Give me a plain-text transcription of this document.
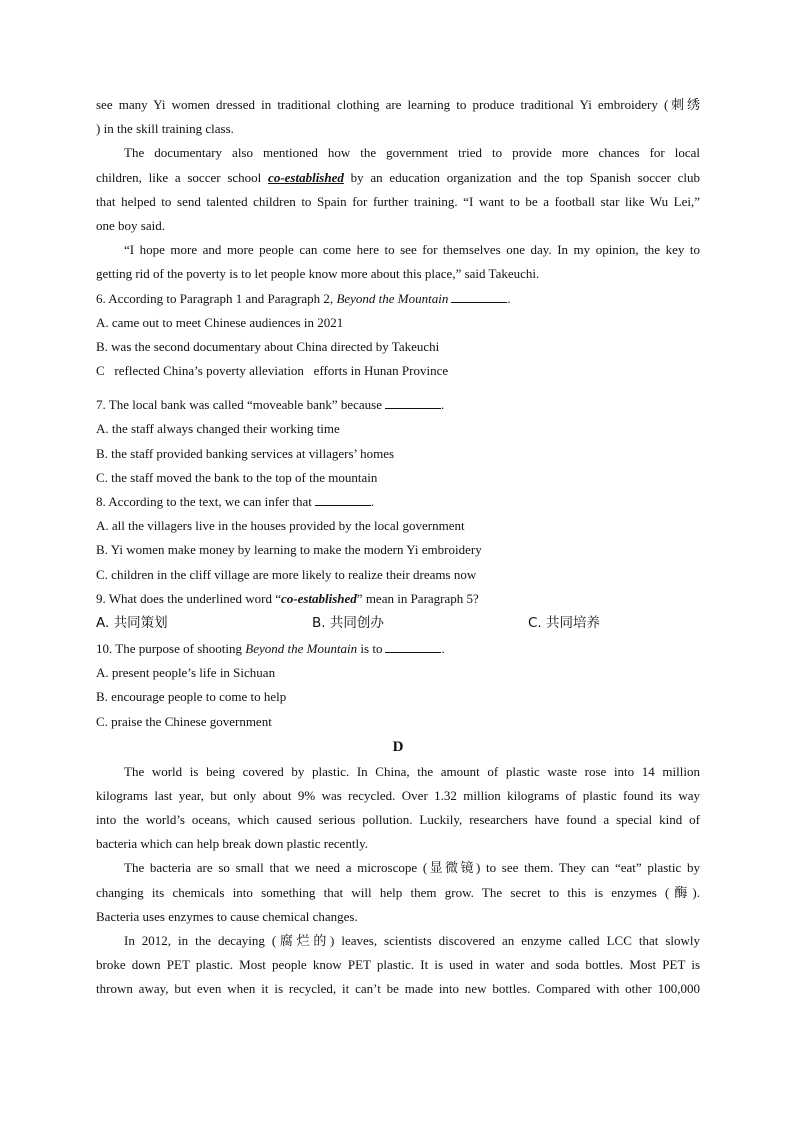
see many Yi women dressed in traditional clothing are learning to produce traditional Yi embroidery (刺绣
) in the skill training class.
The documentary also mentioned how the government tried to provide more chances for local
children, like a soccer school co-established by an education organization and the top Spanish soccer club
that helped to send talented children to Spain for further training. “I want to be a football star like Wu Lei,”
one boy said.
“I hope more and more people can come here to see for themselves one day. In my opinion, the key to
getting rid of the poverty is to let people know more about this place,” said Takeuchi.
6. According to Paragraph 1 and Paragraph 2, Beyond the Mountain	.
A. came out to meet Chinese audiences in 2021
B. was the second documentary about China directed by Takeuchi
C   reflected China’s poverty alleviation   efforts in Hunan Province
7. The local bank was called “moveable bank” because	.
A. the staff always changed their working time
B. the staff provided banking services at villagers’ homes
C. the staff moved the bank to the top of the mountain
8. According to the text, we can infer that	.
A. all the villagers live in the houses provided by the local government
B. Yi women make money by learning to make the modern Yi embroidery
C. children in the cliff village are more likely to realize their dreams now
9. What does the underlined word “co-established” mean in Paragraph 5?
A. 共同策划	B. 共同创办	C. 共同培养
10. The purpose of shooting Beyond the Mountain is to	.
A. present people’s life in Sichuan
B. encourage people to come to help
C. praise the Chinese government
D
The world is being covered by plastic. In China, the amount of plastic waste rose into 14 million
kilograms last year, but only about 9% was recycled. Over 1.32 million kilograms of plastic found its way
into the world’s oceans, which caused serious pollution. Luckily, researchers have found a special kind of
bacteria which can help break down plastic recently.
The bacteria are so small that we need a microscope (显微镜) to see them. They can “eat” plastic by
changing its chemicals into something that will help them grow. The secret to this is enzymes (酶).
Bacteria uses enzymes to cause chemical changes.
In 2012, in the decaying (腐烂的) leaves, scientists discovered an enzyme called LCC that slowly
broke down PET plastic. Most people know PET plastic. It is used in water and soda bottles. Most PET is
thrown away, but even when it is recycled, it can’t be made into new bottles. Compared with other 100,000
